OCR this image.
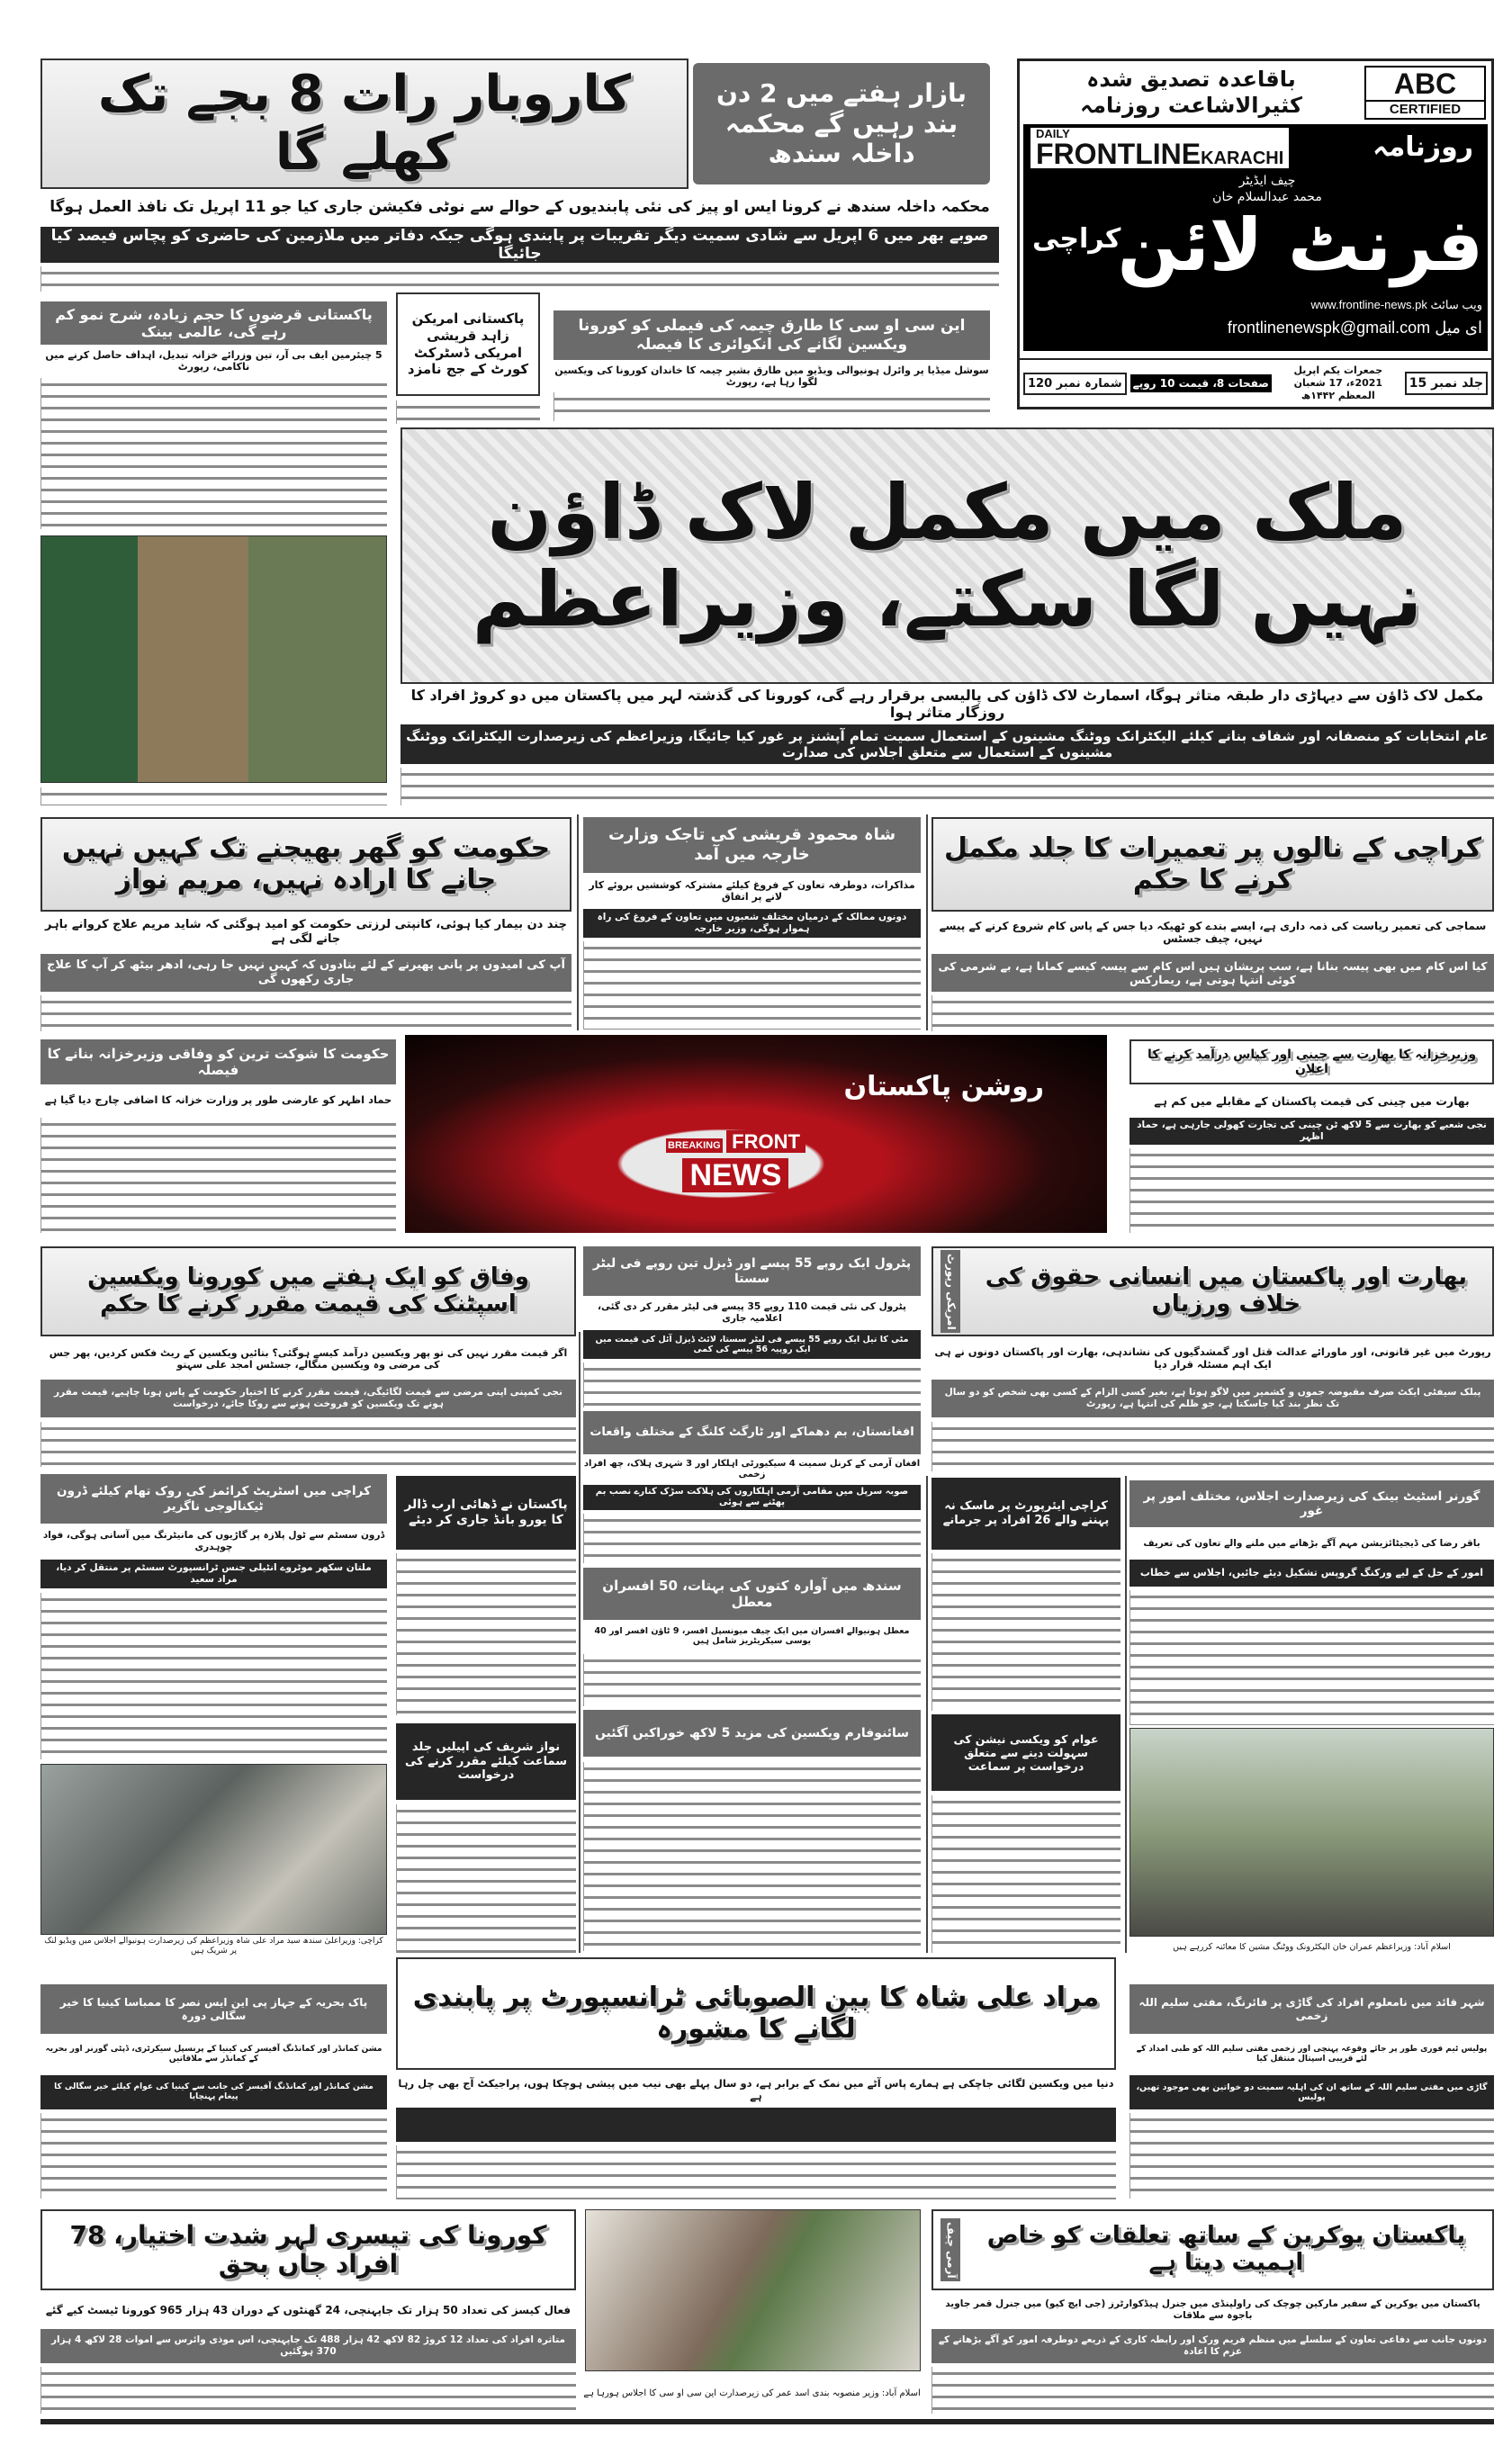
باقاعدہ تصدیق شدہ کثیرالاشاعت روزنامہ
ABC
CERTIFIED
DAILY
FRONTLINEKARACHI	روزنامہ
چیف ایڈیٹر
محمد عبدالسلام خان
فرنٹ لائن
کراچی
www.frontline-news.pk ویب سائٹ
frontlinenewspk@gmail.com ای میل
جلد نمبر 15
جمعرات یکم اپریل 2021ء، 17 شعبان المعظم ۱۴۴۲ھ
صفحات 8، قیمت 10 روپے
شمارہ نمبر 120
کاروبار رات 8 بجے تک کھلے گا
بازار ہفتے میں 2 دن بند رہیں گے محکمہ داخلہ سندھ
محکمہ داخلہ سندھ نے کرونا ایس او پیز کی نئی پابندیوں کے حوالے سے نوٹی فکیشن جاری کیا جو 11 اپریل تک نافذ العمل ہوگا
صوبے بھر میں 6 اپریل سے شادی سمیت دیگر تقریبات پر پابندی ہوگی جبکہ دفاتر میں ملازمین کی حاضری کو پچاس فیصد کیا جائیگا
پاکستانی قرضوں کا حجم زیادہ، شرح نمو کم رہے گی، عالمی بینک
5 چیئرمین ایف بی آر، تین وزرائے خزانہ تبدیل، اہداف حاصل کرنے میں ناکامی، رپورٹ
پاکستانی امریکن زاہد قریشی امریکی ڈسٹرکٹ کورٹ کے جج نامزد
این سی او سی کا طارق چیمہ کی فیملی کو کورونا ویکسین لگانے کی انکوائری کا فیصلہ
سوشل میڈیا پر وائرل ہونیوالی ویڈیو میں طارق بشیر چیمہ کا خاندان کورونا کی ویکسین لگوا رہا ہے، رپورٹ
ملک میں مکمل لاک ڈاؤن نہیں لگا سکتے، وزیراعظم
مکمل لاک ڈاؤن سے دیہاڑی دار طبقہ متاثر ہوگا، اسمارٹ لاک ڈاؤن کی پالیسی برقرار رہے گی، کورونا کی گذشتہ لہر میں پاکستان میں دو کروڑ افراد کا روزگار متاثر ہوا
عام انتخابات کو منصفانہ اور شفاف بنانے کیلئے الیکٹرانک ووٹنگ مشینوں کے استعمال سمیت تمام آپشنز پر غور کیا جائیگا، وزیراعظم کی زیرصدارت الیکٹرانک ووٹنگ مشینوں کے استعمال سے متعلق اجلاس کی صدارت
حکومت کو گھر بھیجنے تک کہیں نہیں جانے کا ارادہ نہیں، مریم نواز
چند دن بیمار کیا ہوئی، کانپتی لرزتی حکومت کو امید ہوگئی کہ شاید مریم علاج کروانے باہر جانے لگی ہے
آپ کی امیدوں پر پانی پھیرنے کے لئے بتادوں کہ کہیں نہیں جا رہی، ادھر بیٹھ کر آپ کا علاج جاری رکھوں گی
شاہ محمود قریشی کی تاجک وزارت خارجہ میں آمد
مذاکرات، دوطرفہ تعاون کے فروغ کیلئے مشترکہ کوششیں بروئے کار لانے پر اتفاق
دونوں ممالک کے درمیان مختلف شعبوں میں تعاون کے فروغ کی راہ ہموار ہوگی، وزیر خارجہ
کراچی کے نالوں پر تعمیرات کا جلد مکمل کرنے کا حکم
سماجی کی تعمیر ریاست کی ذمہ داری ہے، ایسے بندے کو ٹھیکہ دیا جس کے پاس کام شروع کرنے کے پیسے نہیں، چیف جسٹس
کیا اس کام میں بھی پیسہ بنانا ہے، سب پریشان ہیں اس کام سے پیسہ کیسے کمانا ہے، بے شرمی کی کوئی انتہا ہوتی ہے، ریمارکس
حکومت کا شوکت ترین کو وفاقی وزیرخزانہ بنانے کا فیصلہ
حماد اظہر کو عارضی طور پر وزارت خزانہ کا اضافی چارج دیا گیا ہے	روشن پاکستان
BREAKING FRONT
NEWS
وزیرخزانہ کا بھارت سے چینی اور کپاس درآمد کرنے کا اعلان
بھارت میں چینی کی قیمت پاکستان کے مقابلے میں کم ہے
نجی شعبے کو بھارت سے 5 لاکھ ٹن چینی کی تجارت کھولی جارہی ہے، حماد اظہر
وفاق کو ایک ہفتے میں کورونا ویکسین اسپٹنک کی قیمت مقرر کرنے کا حکم
اگر قیمت مقرر نہیں کی تو پھر ویکسین درآمد کیسے ہوگئی؟ بتائیں ویکسین کے ریٹ فکس کردیں، پھر جس کی مرضی وہ ویکسین منگالے، جسٹس امجد علی سہتو
نجی کمپنی اپنی مرضی سے قیمت لگائیگی، قیمت مقرر کرنے کا اختیار حکومت کے پاس ہونا چاہیے، قیمت مقرر ہونے تک ویکسین کو فروخت ہونے سے روکا جائے، درخواست
پٹرول ایک روپے 55 پیسے اور ڈیزل تین روپے فی لیٹر سستا
پٹرول کی نئی قیمت 110 روپے 35 پیسے فی لیٹر مقرر کر دی گئی، اعلامیہ جاری
مٹی کا تیل ایک روپے 55 پیسے فی لیٹر سستا، لائٹ ڈیزل آئل کی قیمت میں ایک روپیہ 56 پیسے کی کمی
بھارت اور پاکستان میں انسانی حقوق کی خلاف ورزیاں
امریکی رپورٹ
رپورٹ میں غیر قانونی، اور ماورائے عدالت قتل اور گمشدگیوں کی نشاندہی، بھارت اور پاکستان دونوں نے ہی ایک اہم مسئلہ قرار دیا
پبلک سیفٹی ایکٹ صرف مقبوضہ جموں و کشمیر میں لاگو ہوتا ہے، بغیر کسی الزام کے کسی بھی شخص کو دو سال تک نظر بند کیا جاسکتا ہے، جو ظلم کی انتہا ہے، رپورٹ
کراچی میں اسٹریٹ کرائمز کی روک تھام کیلئے ڈرون ٹیکنالوجی ناگزیر
ڈرون سسٹم سے ٹول پلازہ پر گاڑیوں کی مانیٹرنگ میں آسانی ہوگی، فواد چوہدری
ملتان سکھر موٹروے انٹیلی جنس ٹرانسپورٹ سسٹم پر منتقل کر دیا، مراد سعید
کراچی: وزیراعلیٰ سندھ سید مراد علی شاہ وزیراعظم کی زیرصدارت ہونیوالے اجلاس میں ویڈیو لنک پر شریک ہیں
پاکستان نے ڈھائی ارب ڈالر کا یورو بانڈ جاری کر دیئے
نواز شریف کی اپیلیں جلد سماعت کیلئے مقرر کرنے کی درخواست
افغانستان، بم دھماکے اور ٹارگٹ کلنگ کے مختلف واقعات
افغان آرمی کے کرنل سمیت 4 سیکیورٹی اہلکار اور 3 شہری ہلاک، چھ افراد زخمی
صوبہ سرپل میں مقامی آرمی اہلکاروں کی ہلاکت سڑک کنارے نصب بم پھٹنے سے ہوئی
سندھ میں آوارہ کتوں کی بہتات، 50 افسران معطل
معطل ہونیوالے افسران میں ایک چیف میونسپل افسر، 9 ٹاؤن افسر اور 40 یوسی سیکریٹریز شامل ہیں
سائنوفارم ویکسین کی مزید 5 لاکھ خوراکیں آگئیں
کراچی ایئرپورٹ پر ماسک نہ پہننے والے 26 افراد پر جرمانے
عوام کو ویکسی نیشن کی سہولت دینے سے متعلق درخواست پر سماعت
گورنر اسٹیٹ بینک کی زیرصدارت اجلاس، مختلف امور پر غور
باقر رضا کی ڈیجیٹائزیشن مہم آگے بڑھانے میں ملنے والے تعاون کی تعریف
امور کے حل کے لیے ورکنگ گروپس تشکیل دیئے جائیں، اجلاس سے خطاب
اسلام آباد: وزیراعظم عمران خان الیکٹرونک ووٹنگ مشین کا معائنہ کررہے ہیں
پاک بحریہ کے جہاز پی این ایس نصر کا ممباسا کینیا کا خیر سگالی دورہ
مشن کمانڈر اور کمانڈنگ آفیسر کی کینیا کے پرنسپل سیکرٹری، ڈپٹی گورنر اور بحریہ کے کمانڈر سے ملاقاتیں
مشن کمانڈر اور کمانڈنگ آفیسر کی جانب سے کینیا کی عوام کیلئے خیر سگالی کا پیغام پہنچایا
مراد علی شاہ کا بین الصوبائی ٹرانسپورٹ پر پابندی لگانے کا مشورہ
دنیا میں ویکسین لگائی جاچکی ہے ہمارے پاس آٹے میں نمک کے برابر ہے، دو سال پہلے بھی نیب میں پیشی ہوچکا ہوں، پراجیکٹ آج بھی چل رہا ہے
شہر قائد میں نامعلوم افراد کی گاڑی پر فائرنگ، مفتی سلیم اللہ زخمی
پولیس ٹیم فوری طور پر جائے وقوعہ پہنچی اور زخمی مفتی سلیم اللہ کو طبی امداد کے لئے قریبی اسپتال منتقل کیا
گاڑی میں مفتی سلیم اللہ کے ساتھ ان کی اہلیہ سمیت دو خواتین بھی موجود تھیں، پولیس
کورونا کی تیسری لہر شدت اختیار، 78 افراد جاں بحق
فعال کیسز کی تعداد 50 ہزار تک جاپہنچی، 24 گھنٹوں کے دوران 43 ہزار 965 کورونا ٹیسٹ کیے گئے
متاثرہ افراد کی تعداد 12 کروڑ 82 لاکھ 42 ہزار 488 تک جاپہنچی، اس موذی وائرس سے اموات 28 لاکھ 4 ہزار 370 ہوگئیں
اسلام آباد: وزیر منصوبہ بندی اسد عمر کی زیرصدارت این سی او سی کا اجلاس ہورہا ہے
پاکستان یوکرین کے ساتھ تعلقات کو خاص اہمیت دیتا ہے
آرمی چیف
پاکستان میں یوکرین کے سفیر مارکین چوچک کی راولپنڈی میں جنرل ہیڈکوارٹرز (جی ایچ کیو) میں جنرل قمر جاوید باجوہ سے ملاقات
دونوں جانب سے دفاعی تعاون کے سلسلے میں منظم فریم ورک اور رابطہ کاری کے ذریعے دوطرفہ امور کو آگے بڑھانے کے عزم کا اعادہ
